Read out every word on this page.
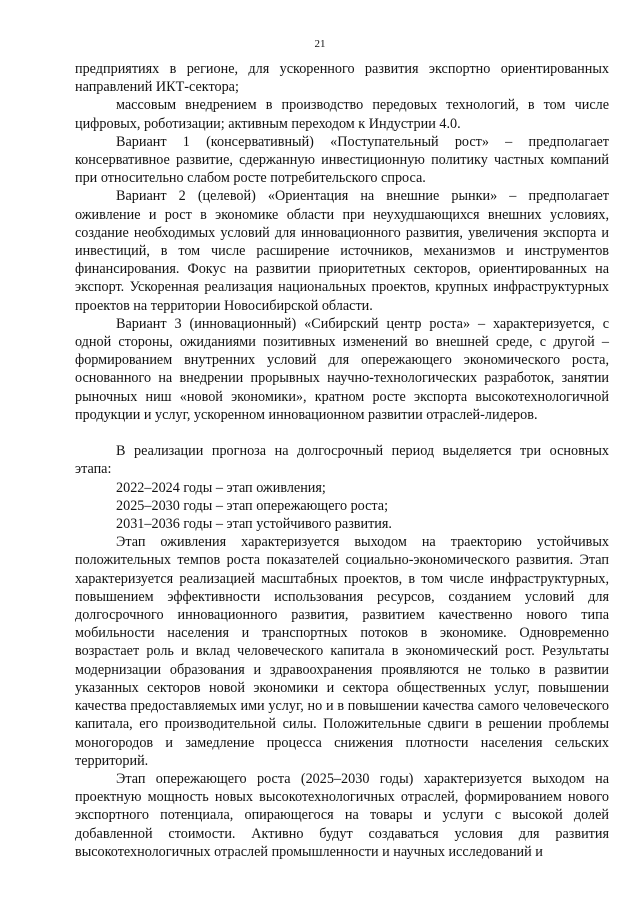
21

предприятиях в регионе, для ускоренного развития экспортно ориентированных направлений ИКТ-сектора;

массовым внедрением в производство передовых технологий, в том числе цифровых, роботизации; активным переходом к Индустрии 4.0.

Вариант 1 (консервативный) «Поступательный рост» – предполагает консервативное развитие, сдержанную инвестиционную политику частных компаний при относительно слабом росте потребительского спроса.

Вариант 2 (целевой) «Ориентация на внешние рынки» – предполагает оживление и рост в экономике области при неухудшающихся внешних условиях, создание необходимых условий для инновационного развития, увеличения экспорта и инвестиций, в том числе расширение источников, механизмов и инструментов финансирования. Фокус на развитии приоритетных секторов, ориентированных на экспорт. Ускоренная реализация национальных проектов, крупных инфраструктурных проектов на территории Новосибирской области.

Вариант 3 (инновационный) «Сибирский центр роста» – характеризуется, с одной стороны, ожиданиями позитивных изменений во внешней среде, с другой – формированием внутренних условий для опережающего экономического роста, основанного на внедрении прорывных научно-технологических разработок, занятии рыночных ниш «новой экономики», кратном росте экспорта высокотехнологичной продукции и услуг, ускоренном инновационном развитии отраслей-лидеров.

В реализации прогноза на долгосрочный период выделяется три основных этапа:

2022–2024 годы – этап оживления;

2025–2030 годы – этап опережающего роста;

2031–2036 годы – этап устойчивого развития.

Этап оживления характеризуется выходом на траекторию устойчивых положительных темпов роста показателей социально-экономического развития. Этап характеризуется реализацией масштабных проектов, в том числе инфраструктурных, повышением эффективности использования ресурсов, созданием условий для долгосрочного инновационного развития, развитием качественно нового типа мобильности населения и транспортных потоков в экономике. Одновременно возрастает роль и вклад человеческого капитала в экономический рост. Результаты модернизации образования и здравоохранения проявляются не только в развитии указанных секторов новой экономики и сектора общественных услуг, повышении качества предоставляемых ими услуг, но и в повышении качества самого человеческого капитала, его производительной силы. Положительные сдвиги в решении проблемы моногородов и замедление процесса снижения плотности населения сельских территорий.

Этап опережающего роста (2025–2030 годы) характеризуется выходом на проектную мощность новых высокотехнологичных отраслей, формированием нового экспортного потенциала, опирающегося на товары и услуги с высокой долей добавленной стоимости. Активно будут создаваться условия для развития высокотехнологичных отраслей промышленности и научных исследований и
